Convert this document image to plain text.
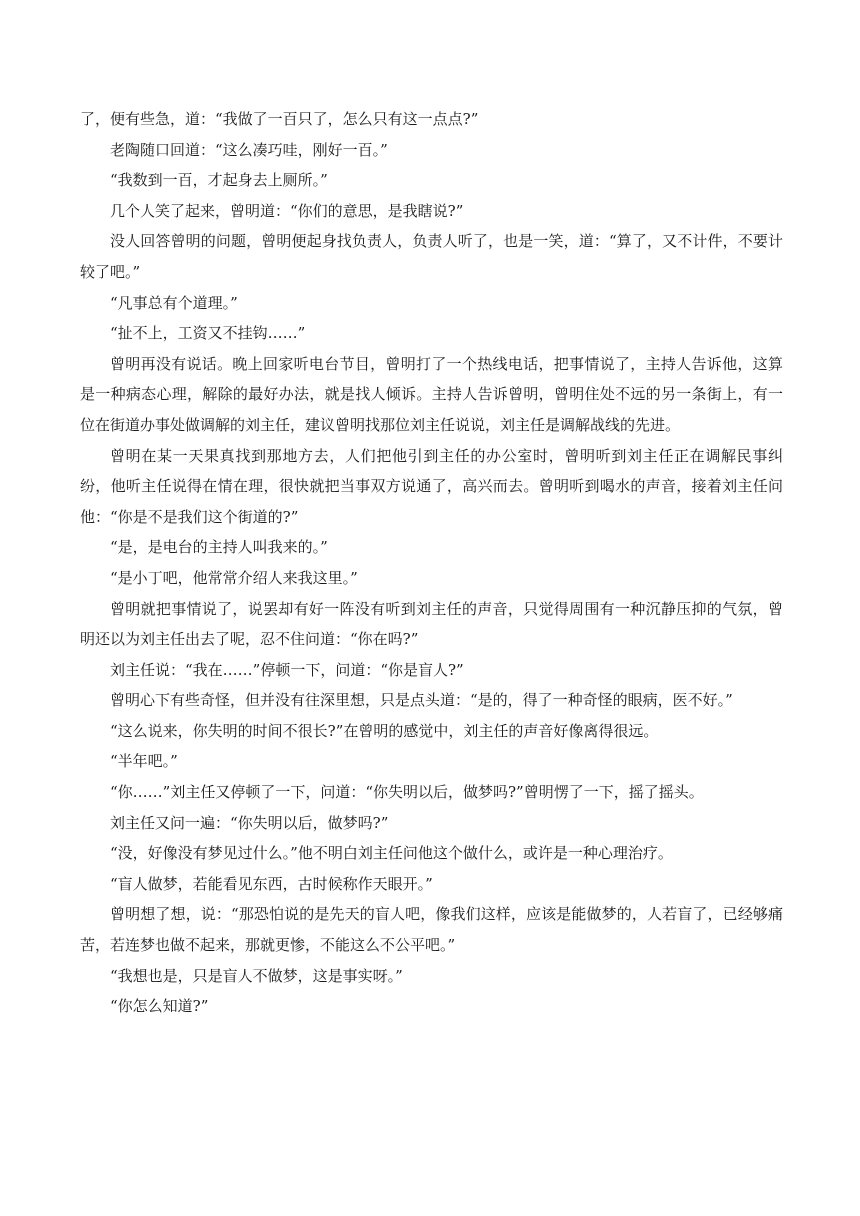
了，便有些急，道：“我做了一百只了，怎么只有这一点点?”

老陶随口回道：“这么凑巧哇，刚好一百。”

“我数到一百，才起身去上厕所。”

几个人笑了起来，曾明道：“你们的意思，是我瞎说?”

没人回答曾明的问题，曾明便起身找负责人，负责人听了，也是一笑，道：“算了，又不计件，不要计较了吧。”

“凡事总有个道理。”

“扯不上，工资又不挂钩……”

曾明再没有说话。晚上回家听电台节目，曾明打了一个热线电话，把事情说了，主持人告诉他，这算是一种病态心理，解除的最好办法，就是找人倾诉。主持人告诉曾明，曾明住处不远的另一条街上，有一位在街道办事处做调解的刘主任，建议曾明找那位刘主任说说，刘主任是调解战线的先进。

曾明在某一天果真找到那地方去，人们把他引到主任的办公室时，曾明听到刘主任正在调解民事纠纷，他听主任说得在情在理，很快就把当事双方说通了，高兴而去。曾明听到喝水的声音，接着刘主任问他：“你是不是我们这个街道的?”

“是，是电台的主持人叫我来的。”

“是小丁吧，他常常介绍人来我这里。”

曾明就把事情说了，说罢却有好一阵没有听到刘主任的声音，只觉得周围有一种沉静压抑的气氛，曾明还以为刘主任出去了呢，忍不住问道：“你在吗?”

刘主任说：“我在……”停顿一下，问道：“你是盲人?”

曾明心下有些奇怪，但并没有往深里想，只是点头道：“是的，得了一种奇怪的眼病，医不好。”

“这么说来，你失明的时间不很长?”在曾明的感觉中，刘主任的声音好像离得很远。

“半年吧。”

“你……”刘主任又停顿了一下，问道：“你失明以后，做梦吗?”曾明愣了一下，摇了摇头。

刘主任又问一遍：“你失明以后，做梦吗?”

“没，好像没有梦见过什么。”他不明白刘主任问他这个做什么，或许是一种心理治疗。

“盲人做梦，若能看见东西，古时候称作天眼开。”

曾明想了想，说：“那恐怕说的是先天的盲人吧，像我们这样，应该是能做梦的，人若盲了，已经够痛苦，若连梦也做不起来，那就更惨，不能这么不公平吧。”

“我想也是，只是盲人不做梦，这是事实呀。”

“你怎么知道?”
